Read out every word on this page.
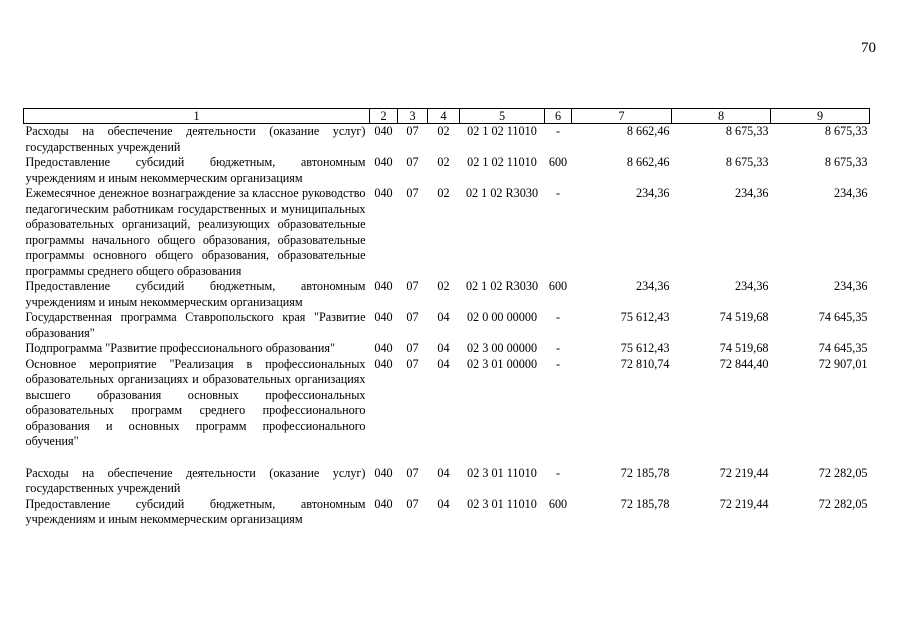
70
1	2	3	4	5	6	7	8	9
Расходы на обеспечение деятельности (оказание услуг) государственных учреждений	040	07	02	02 1 02 11010	-	8 662,46	8 675,33	8 675,33
Предоставление субсидий бюджетным, автономным учреждениям и иным некоммерческим организациям	040	07	02	02 1 02 11010	600	8 662,46	8 675,33	8 675,33
Ежемесячное денежное вознаграждение за классное руководство педагогическим работникам государственных и муниципальных образовательных организаций, реализующих образовательные программы начального общего образования, образовательные программы основного общего образования, образовательные программы среднего общего образования	040	07	02	02 1 02 R3030	-	234,36	234,36	234,36
Предоставление субсидий бюджетным, автономным учреждениям и иным некоммерческим организациям	040	07	02	02 1 02 R3030	600	234,36	234,36	234,36
Государственная программа Ставропольского края "Развитие образования"	040	07	04	02 0 00 00000	-	75 612,43	74 519,68	74 645,35
Подпрограмма "Развитие профессионального образования"	040	07	04	02 3 00 00000	-	75 612,43	74 519,68	74 645,35
Основное мероприятие "Реализация в профессиональных образовательных организациях и образовательных организациях высшего образования основных профессиональных образовательных программ среднего профессионального образования и основных программ профессионального обучения"	040	07	04	02 3 01 00000	-	72 810,74	72 844,40	72 907,01
Расходы на обеспечение деятельности (оказание услуг) государственных учреждений	040	07	04	02 3 01 11010	-	72 185,78	72 219,44	72 282,05
Предоставление субсидий бюджетным, автономным учреждениям и иным некоммерческим организациям	040	07	04	02 3 01 11010	600	72 185,78	72 219,44	72 282,05
